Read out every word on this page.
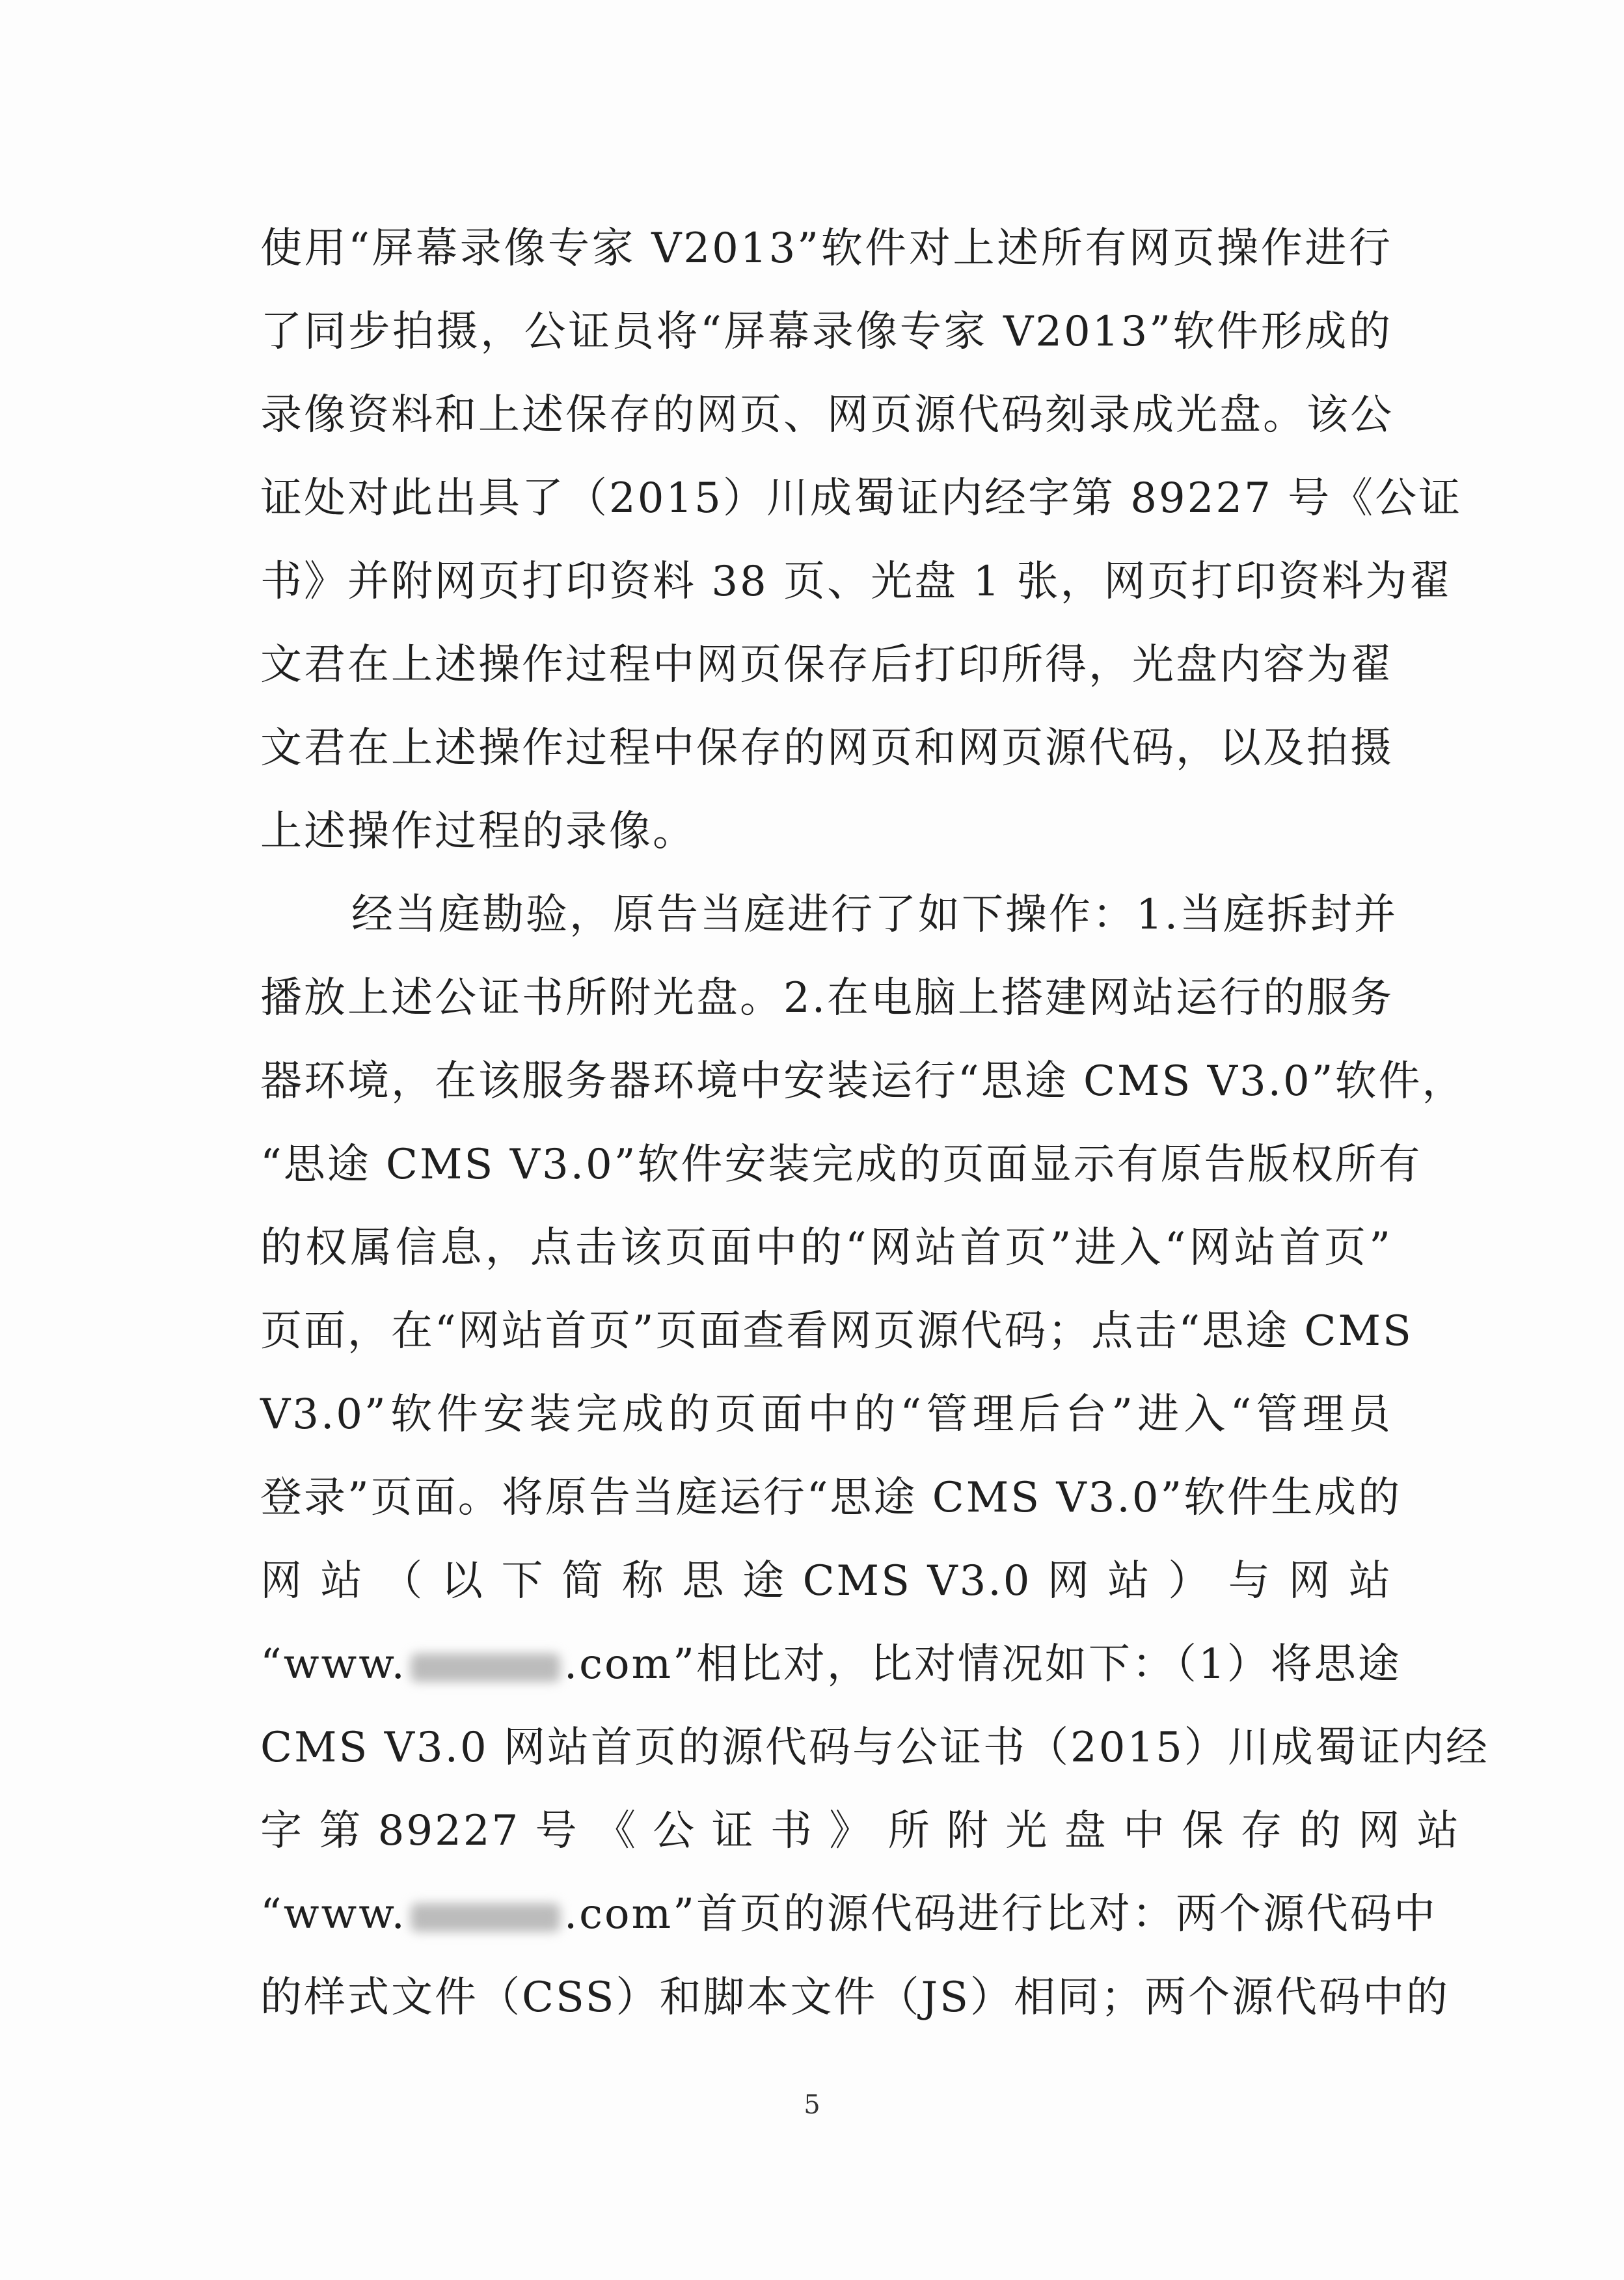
使用“屏幕录像专家 V2013”软件对上述所有网页操作进行
了同步拍摄，公证员将“屏幕录像专家 V2013”软件形成的
录像资料和上述保存的网页、网页源代码刻录成光盘。该公
证处对此出具了（2015）川成蜀证内经字第 89227 号《公证
书》并附网页打印资料 38 页、光盘 1 张，网页打印资料为翟
文君在上述操作过程中网页保存后打印所得，光盘内容为翟
文君在上述操作过程中保存的网页和网页源代码，以及拍摄
上述操作过程的录像。
经当庭勘验，原告当庭进行了如下操作：1.当庭拆封并
播放上述公证书所附光盘。2.在电脑上搭建网站运行的服务
器环境，在该服务器环境中安装运行“思途 CMS V3.0”软件，
“思途 CMS V3.0”软件安装完成的页面显示有原告版权所有
的权属信息，点击该页面中的“网站首页”进入“网站首页”
页面，在“网站首页”页面查看网页源代码；点击“思途 CMS
V3.0”软件安装完成的页面中的“管理后台”进入“管理员
登录”页面。将原告当庭运行“思途 CMS V3.0”软件生成的
网 站 （ 以 下 简 称 思 途 CMS V3.0 网 站 ） 与 网 站
“www.	.com”相比对，比对情况如下：（1）将思途
CMS V3.0 网站首页的源代码与公证书（2015）川成蜀证内经
字 第 89227 号 《 公 证 书 》 所 附 光 盘 中 保 存 的 网 站
“www.	.com”首页的源代码进行比对：两个源代码中
的样式文件（CSS）和脚本文件（JS）相同；两个源代码中的
5
